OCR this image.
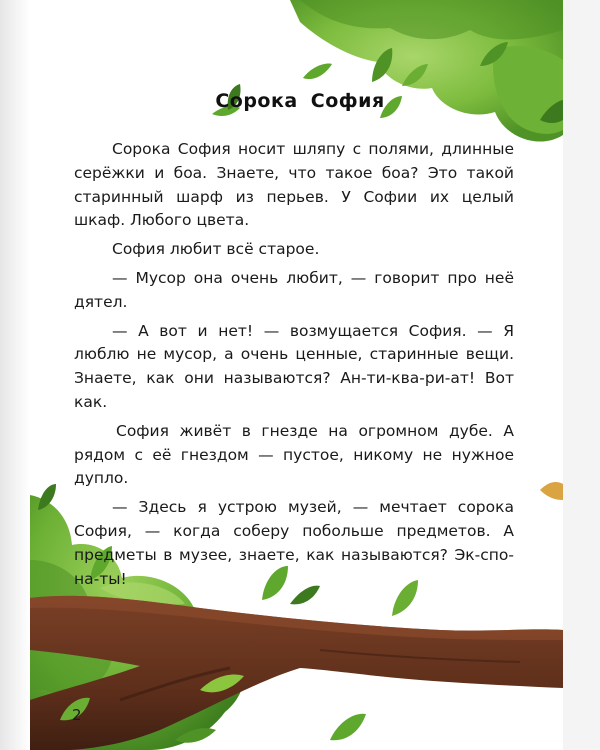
Сорока София

Сорока София носит шляпу с полями, длинные серёжки и боа. Знаете, что такое боа? Это такой старинный шарф из перьев. У Софии их целый шкаф. Любого цвета.

София любит всё старое.

— Мусор она очень любит, — говорит про неё дятел.

— А вот и нет! — возмущается София. — Я люблю не мусор, а очень ценные, старинные вещи. Знаете, как они называются? Ан-ти-ква-ри-ат! Вот как.

София живёт в гнезде на огромном дубе. А рядом с её гнездом — пустое, никому не нужное дупло.

— Здесь я устрою музей, — мечтает сорока София, — когда соберу побольше предметов. А предметы в музее, знаете, как называются? Эк-спо-на-ты!

2
